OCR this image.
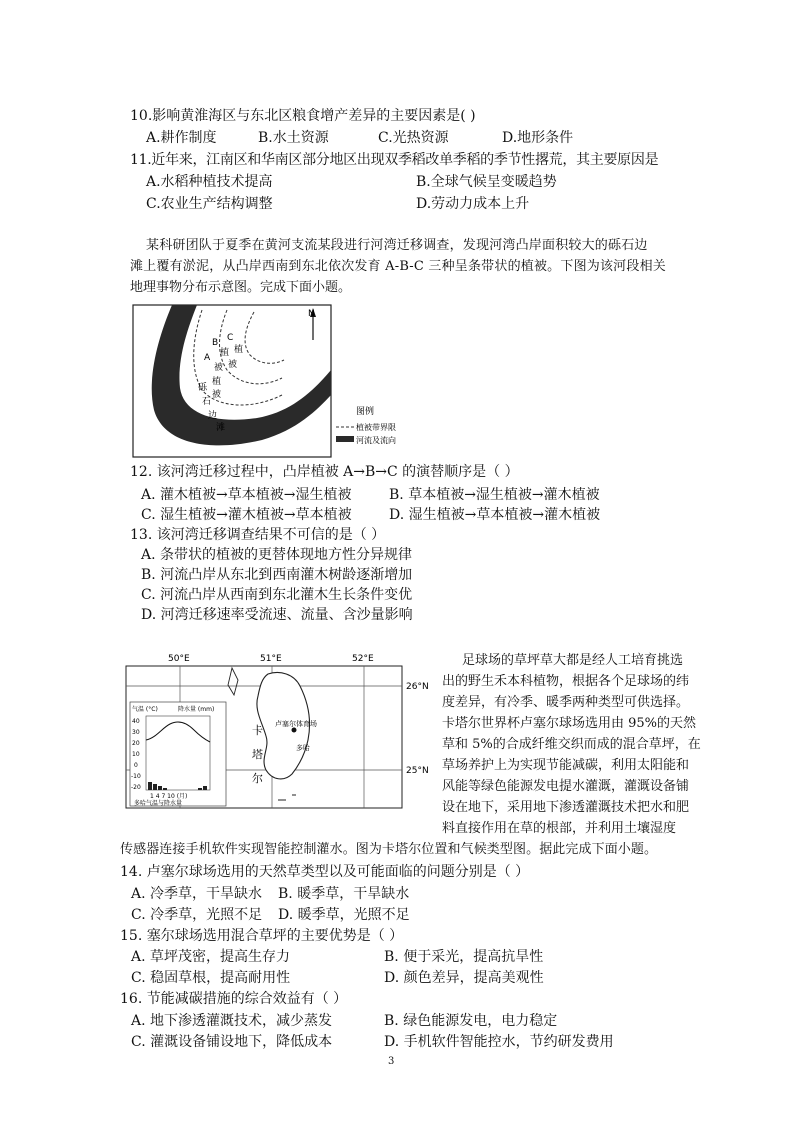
10.影响黄淮海区与东北区粮食增产差异的主要因素是( )
A.耕作制度	B.水土资源	C.光热资源	D.地形条件
11.近年来，江南区和华南区部分地区出现双季稻改单季稻的季节性撂荒，其主要原因是
A.水稻种植技术提高	B.全球气候呈变暖趋势
C.农业生产结构调整	D.劳动力成本上升
某科研团队于夏季在黄河支流某段进行河湾迁移调查，发现河湾凸岸面积较大的砾石边
滩上覆有淤泥，从凸岸西南到东北依次发育 A-B-C 三种呈条带状的植被。下图为该河段相关
地理事物分布示意图。完成下面小题。
N
A
B C
植
被
植
被
植
被
砾
石
边
滩
图例
植被带界限
河流及流向
12. 该河湾迁移过程中，凸岸植被 A→B→C 的演替顺序是（ ）
A. 灌木植被→草本植被→湿生植被	B. 草本植被→湿生植被→灌木植被
C. 湿生植被→灌木植被→草本植被	D. 湿生植被→草本植被→灌木植被
13. 该河湾迁移调查结果不可信的是（ ）
A. 条带状的植被的更替体现地方性分异规律
B. 河流凸岸从东北到西南灌木树龄逐渐增加
C. 河流凸岸从西南到东北灌木生长条件变优
D. 河湾迁移速率受流速、流量、含沙量影响
50°E	51°E	52°E
26°N
25°N
卢塞尔体育场
多哈
卡
塔
尔
气温 (°C)	降水量 (mm)
40
30
20
10
0
-10
-20
1 4 7 10 (月)
多哈气温与降水量
足球场的草坪草大都是经人工培育挑选
出的野生禾本科植物，根据各个足球场的纬
度差异，有冷季、暖季两种类型可供选择。
卡塔尔世界杯卢塞尔球场选用由 95%的天然
草和 5%的合成纤维交织而成的混合草坪，在
草场养护上为实现节能减碳，利用太阳能和
风能等绿色能源发电提水灌溉，灌溉设备铺
设在地下，采用地下渗透灌溉技术把水和肥
料直接作用在草的根部，并利用土壤湿度
传感器连接手机软件实现智能控制灌水。图为卡塔尔位置和气候类型图。据此完成下面小题。
14. 卢塞尔球场选用的天然草类型以及可能面临的问题分别是（ ）
A. 冷季草，干旱缺水 B. 暖季草，干旱缺水
C. 冷季草，光照不足 D. 暖季草，光照不足
15. 塞尔球场选用混合草坪的主要优势是（ ）
A. 草坪茂密，提高生存力	B. 便于采光，提高抗旱性
C. 稳固草根，提高耐用性	D. 颜色差异，提高美观性
16. 节能减碳措施的综合效益有（ ）
A. 地下渗透灌溉技术，减少蒸发	B. 绿色能源发电，电力稳定
C. 灌溉设备铺设地下，降低成本	D. 手机软件智能控水，节约研发费用
3
